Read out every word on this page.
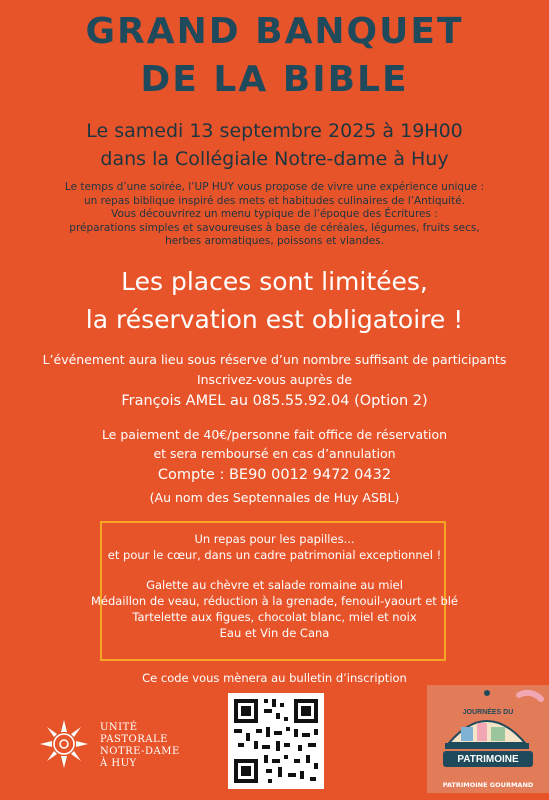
GRAND BANQUET
DE LA BIBLE
Le samedi 13 septembre 2025 à 19H00
dans la Collégiale Notre-dame à Huy
Le temps d’une soirée, l’UP HUY vous propose de vivre une expérience unique :
un repas biblique inspiré des mets et habitudes culinaires de l’Antiquité.
Vous découvrirez un menu typique de l’époque des Écritures :
préparations simples et savoureuses à base de céréales, légumes, fruits secs,
herbes aromatiques, poissons et viandes.
Les places sont limitées,
la réservation est obligatoire !
L’événement aura lieu sous réserve d’un nombre suffisant de participants
Inscrivez-vous auprès de
François AMEL au 085.55.92.04 (Option 2)
Le paiement de 40€/personne fait office de réservation
et sera remboursé en cas d’annulation
Compte : BE90 0012 9472 0432
(Au nom des Septennales de Huy ASBL)
Un repas pour les papilles...
et pour le cœur, dans un cadre patrimonial exceptionnel !
Galette au chèvre et salade romaine au miel
Médaillon de veau, réduction à la grenade, fenouil-yaourt et blé
Tartelette aux figues, chocolat blanc, miel et noix
Eau et Vin de Cana
Ce code vous mènera au bulletin d’inscription
UNITÉ
PASTORALE
NOTRE-DAME
À HUY
JOURNÉES DU
PATRIMOINE
PATRIMOINE GOURMAND
